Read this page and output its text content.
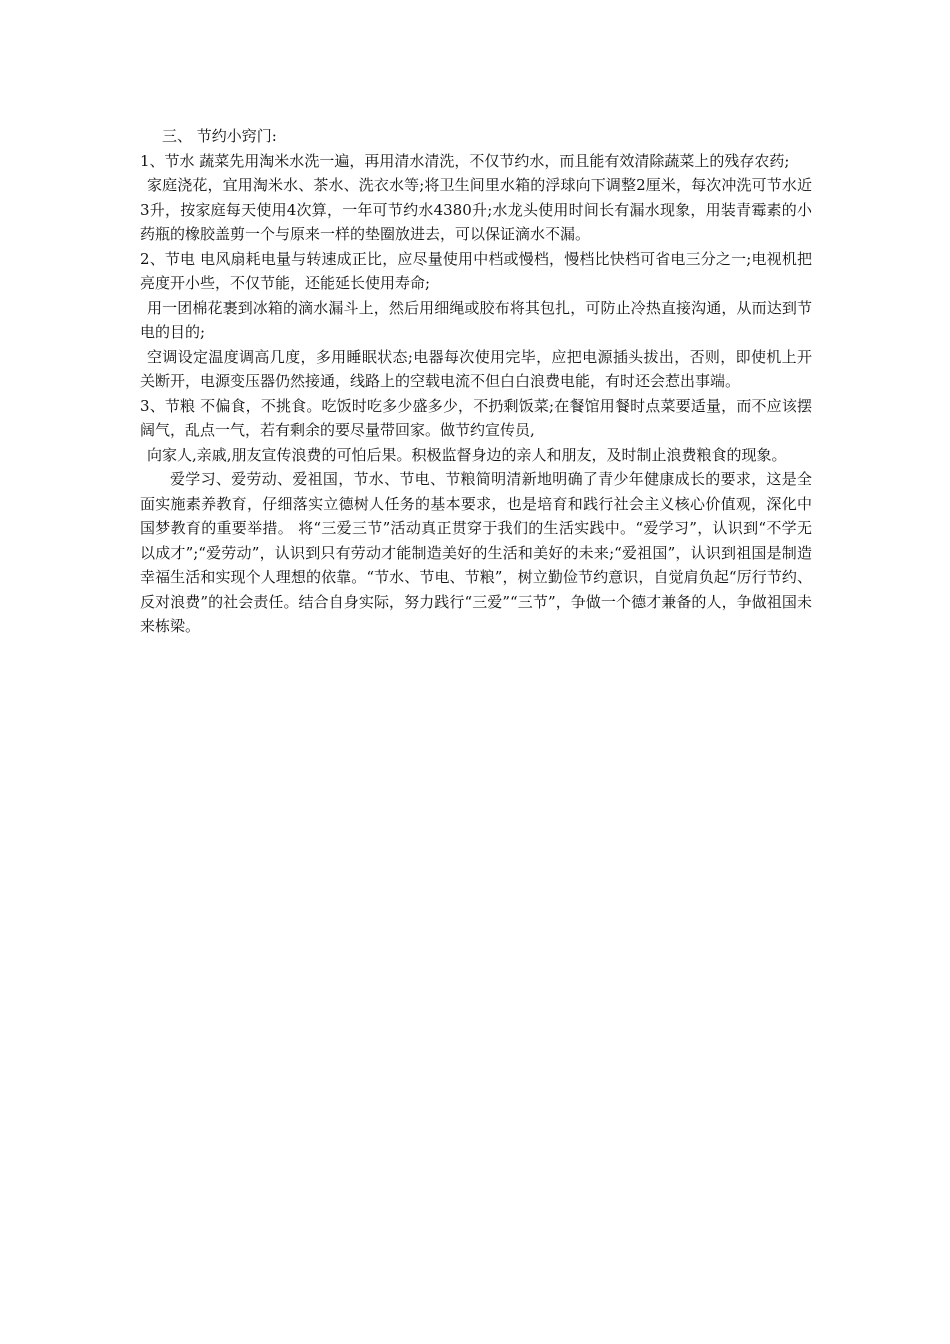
三、 节约小窍门:

1、节水 蔬菜先用淘米水洗一遍，再用清水清洗，不仅节约水，而且能有效清除蔬菜上的残存农药;

家庭浇花，宜用淘米水、茶水、洗衣水等;将卫生间里水箱的浮球向下调整2厘米，每次冲洗可节水近3升，按家庭每天使用4次算，一年可节约水4380升;水龙头使用时间长有漏水现象，用装青霉素的小药瓶的橡胶盖剪一个与原来一样的垫圈放进去，可以保证滴水不漏。

2、节电 电风扇耗电量与转速成正比，应尽量使用中档或慢档，慢档比快档可省电三分之一;电视机把亮度开小些，不仅节能，还能延长使用寿命;

用一团棉花裹到冰箱的滴水漏斗上，然后用细绳或胶布将其包扎，可防止冷热直接沟通，从而达到节电的目的;

空调设定温度调高几度，多用睡眠状态;电器每次使用完毕，应把电源插头拔出，否则，即使机上开关断开，电源变压器仍然接通，线路上的空载电流不但白白浪费电能，有时还会惹出事端。

3、节粮 不偏食，不挑食。吃饭时吃多少盛多少，不扔剩饭菜;在餐馆用餐时点菜要适量，而不应该摆阔气，乱点一气，若有剩余的要尽量带回家。做节约宣传员,

向家人,亲戚,朋友宣传浪费的可怕后果。积极监督身边的亲人和朋友，及时制止浪费粮食的现象。

爱学习、爱劳动、爱祖国，节水、节电、节粮简明清新地明确了青少年健康成长的要求，这是全面实施素养教育，仔细落实立德树人任务的基本要求，也是培育和践行社会主义核心价值观，深化中国梦教育的重要举措。 将“三爱三节”活动真正贯穿于我们的生活实践中。“爱学习”，认识到“不学无以成才”;“爱劳动”，认识到只有劳动才能制造美好的生活和美好的未来;“爱祖国”，认识到祖国是制造幸福生活和实现个人理想的依靠。“节水、节电、节粮”，树立勤俭节约意识，自觉肩负起“厉行节约、反对浪费”的社会责任。结合自身实际，努力践行“三爱”“三节”，争做一个德才兼备的人，争做祖国未来栋梁。
